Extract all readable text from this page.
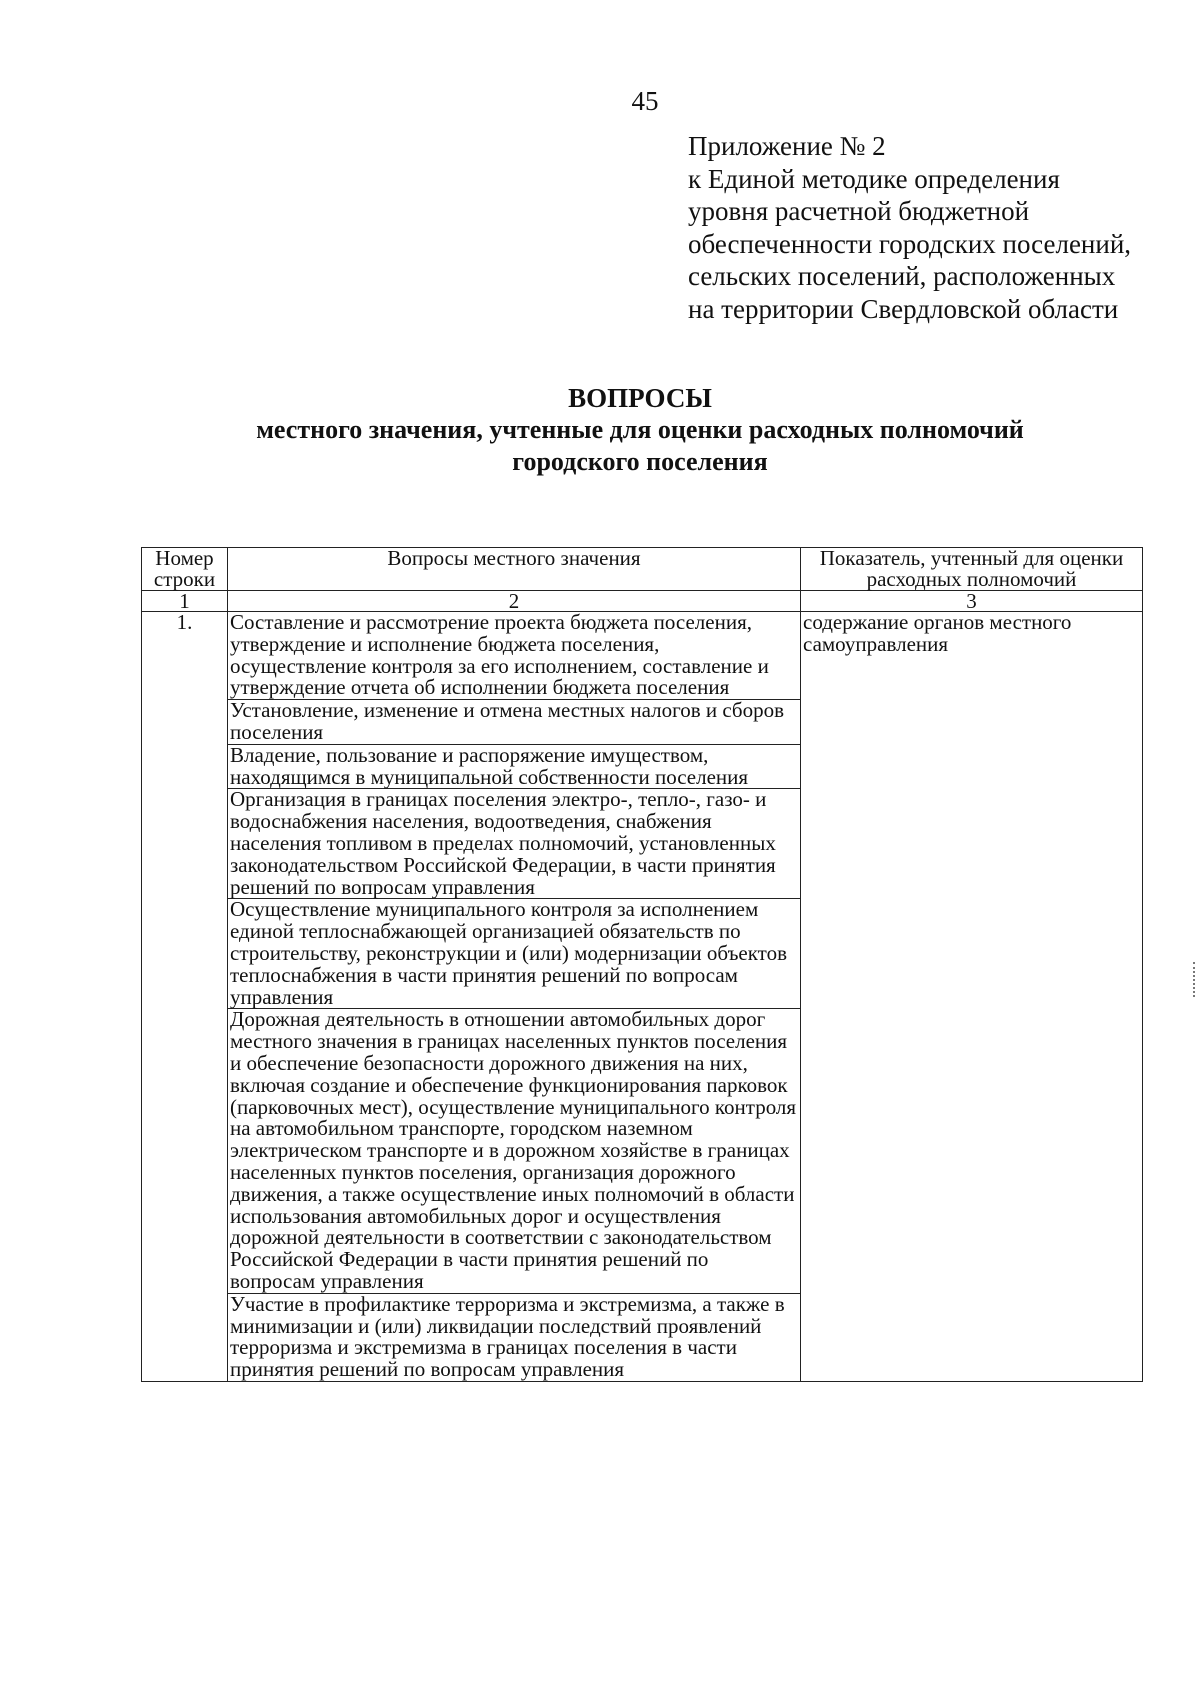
45
Приложение № 2
к Единой методике определения
уровня расчетной бюджетной
обеспеченности городских поселений,
сельских поселений, расположенных
на территории Свердловской области
ВОПРОСЫ
местного значения, учтенные для оценки расходных полномочий
городского поселения
Номер строки	Вопросы местного значения	Показатель, учтенный для оценки расходных полномочий
1	2	3
1.	Составление и рассмотрение проекта бюджета поселения, утверждение и исполнение бюджета поселения, осуществление контроля за его исполнением, составление и утверждение отчета об исполнении бюджета поселения	содержание органов местного самоуправления
	Установление, изменение и отмена местных налогов и сборов поселения	
	Владение, пользование и распоряжение имуществом, находящимся в муниципальной собственности поселения	
	Организация в границах поселения электро-, тепло-, газо- и водоснабжения населения, водоотведения, снабжения населения топливом в пределах полномочий, установленных законодательством Российской Федерации, в части принятия решений по вопросам управления	
	Осуществление муниципального контроля за исполнением единой теплоснабжающей организацией обязательств по строительству, реконструкции и (или) модернизации объектов теплоснабжения в части принятия решений по вопросам управления	
	Дорожная деятельность в отношении автомобильных дорог местного значения в границах населенных пунктов поселения и обеспечение безопасности дорожного движения на них, включая создание и обеспечение функционирования парковок (парковочных мест), осуществление муниципального контроля на автомобильном транспорте, городском наземном электрическом транспорте и в дорожном хозяйстве в границах населенных пунктов поселения, организация дорожного движения, а также осуществление иных полномочий в области использования автомобильных дорог и осуществления дорожной деятельности в соответствии с законодательством Российской Федерации в части принятия решений по вопросам управления	
	Участие в профилактике терроризма и экстремизма, а также в минимизации и (или) ликвидации последствий проявлений терроризма и экстремизма в границах поселения в части принятия решений по вопросам управления	
